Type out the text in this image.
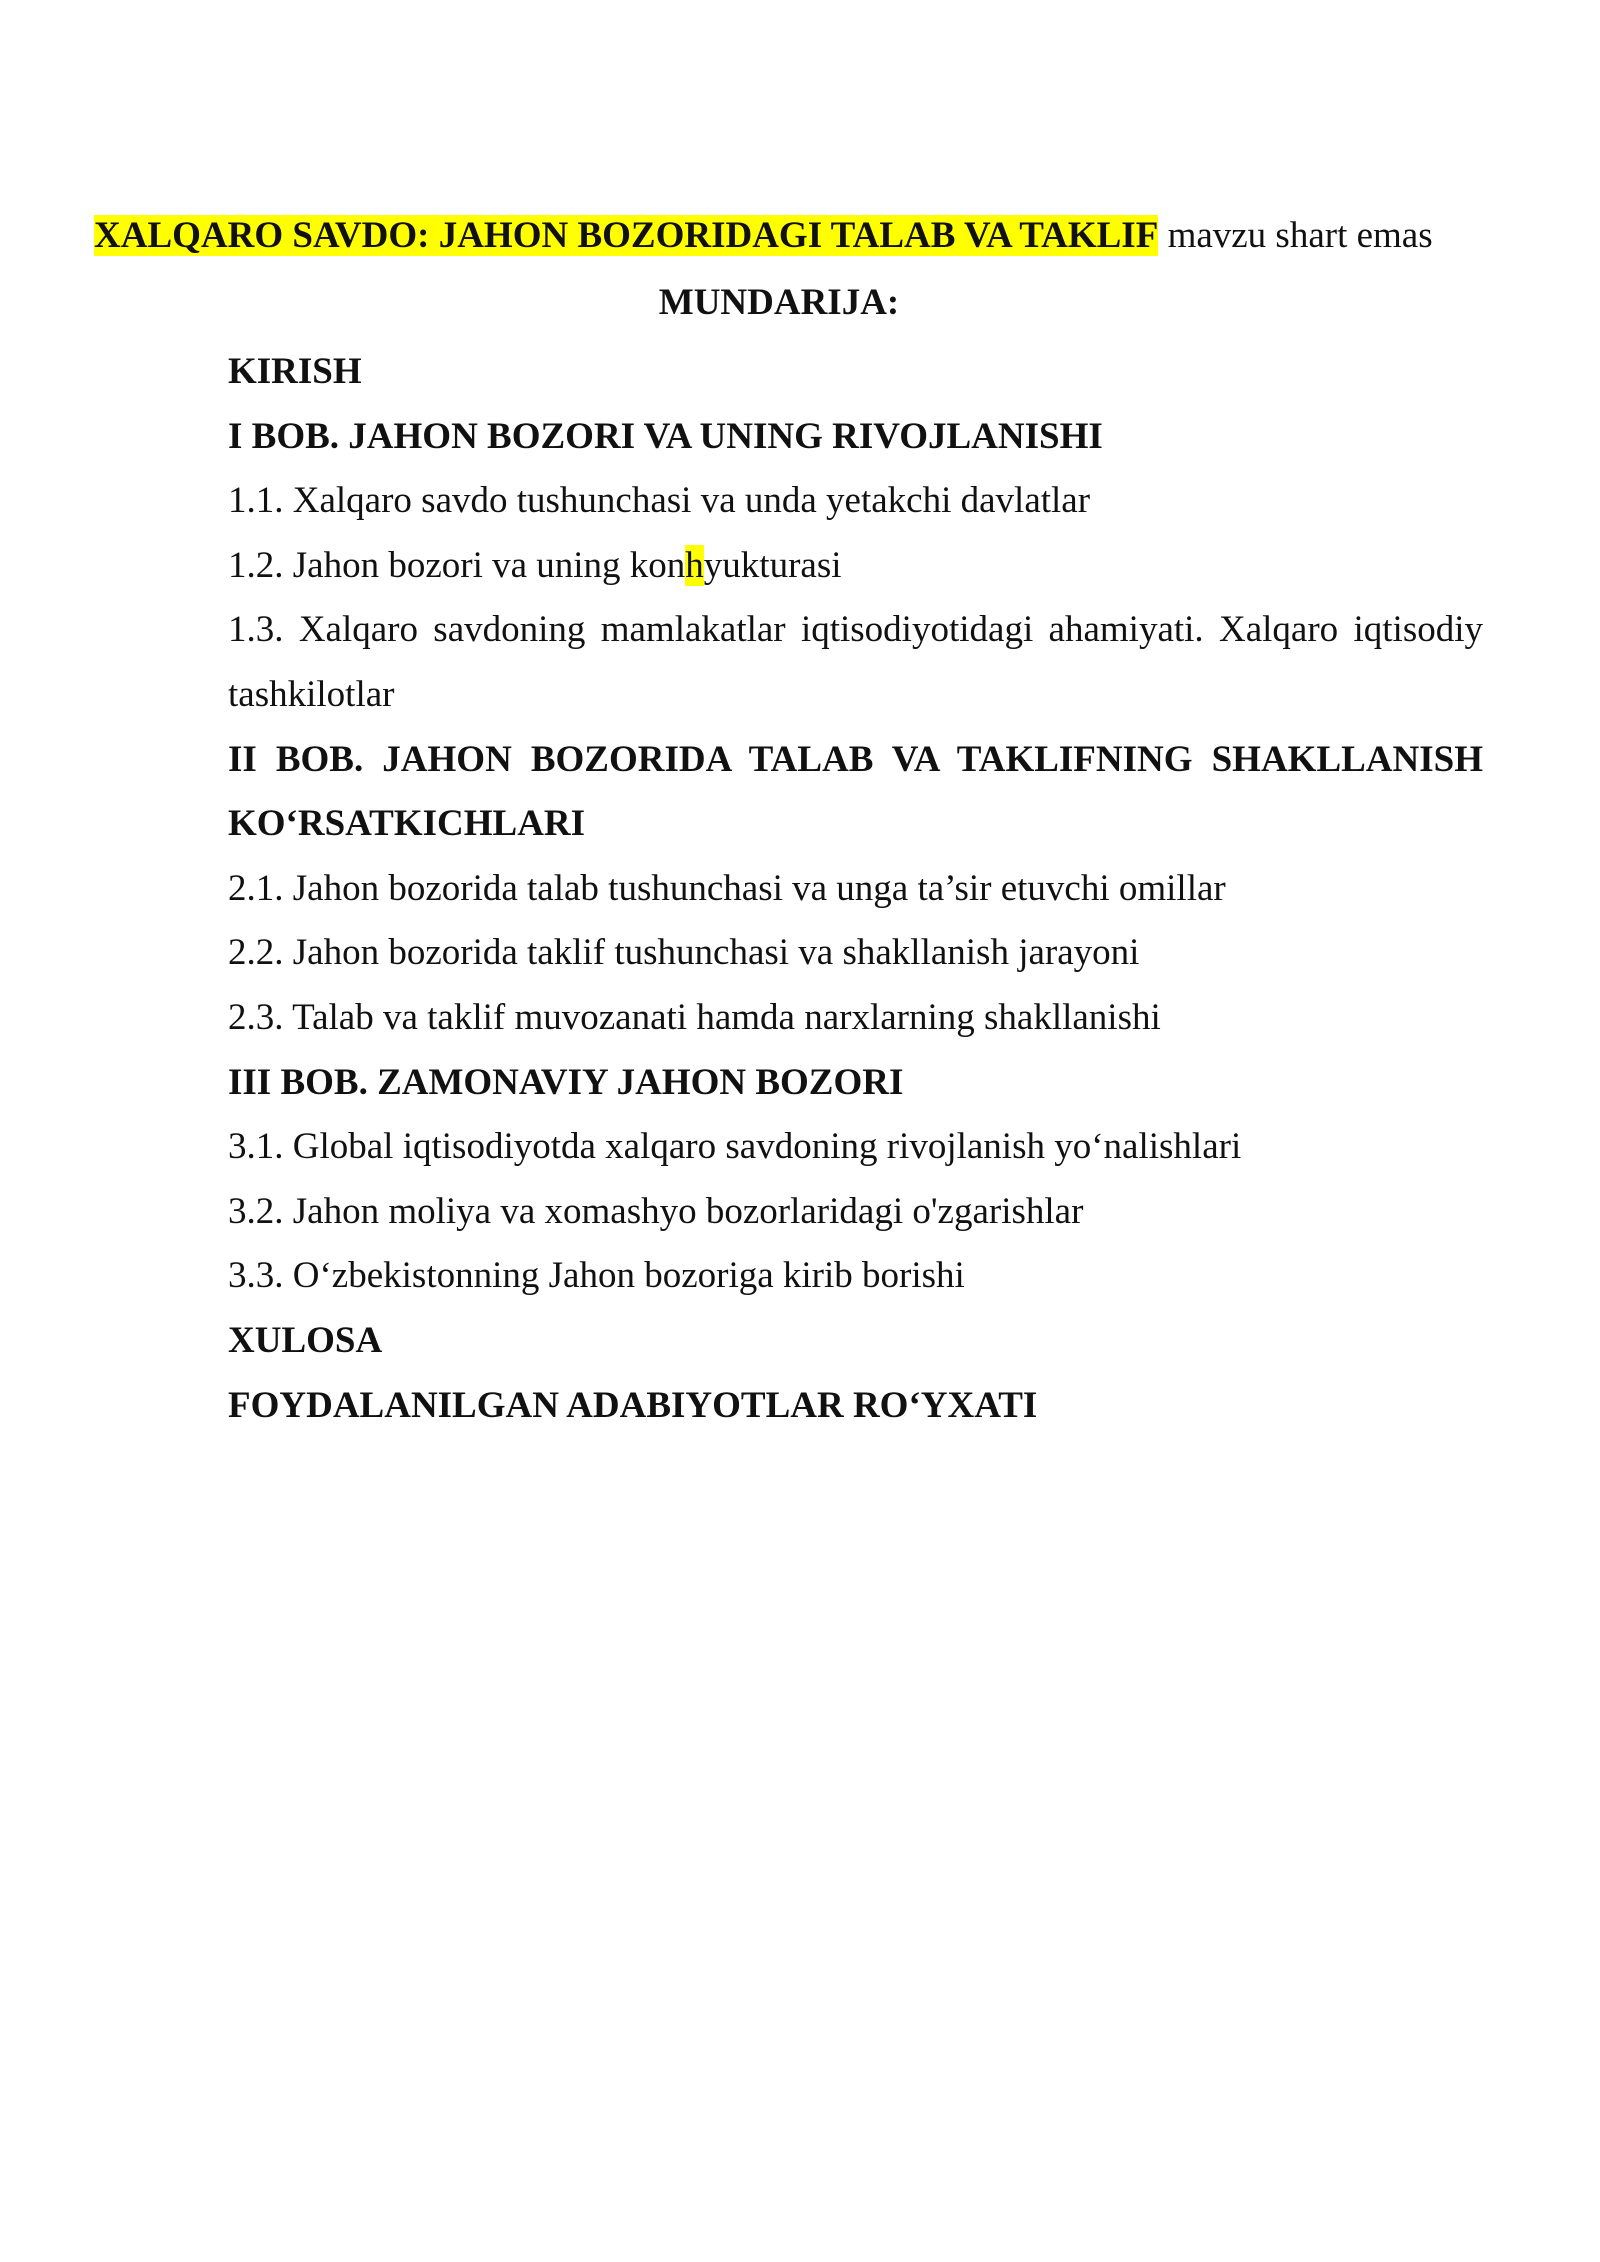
XALQARO SAVDO: JAHON BOZORIDAGI TALAB VA TAKLIF mavzu shart emas
MUNDARIJA:

KIRISH

I BOB. JAHON BOZORI VA UNING RIVOJLANISHI

1.1. Xalqaro savdo tushunchasi va unda yetakchi davlatlar

1.2. Jahon bozori va uning konhyukturasi

1.3. Xalqaro savdoning mamlakatlar iqtisodiyotidagi ahamiyati. Xalqaro iqtisodiy

tashkilotlar

II BOB. JAHON BOZORIDA TALAB VA TAKLIFNING SHAKLLANISH

KO‘RSATKICHLARI

2.1. Jahon bozorida talab tushunchasi va unga ta’sir etuvchi omillar

2.2. Jahon bozorida taklif tushunchasi va shakllanish jarayoni

2.3. Talab va taklif muvozanati hamda narxlarning shakllanishi

III BOB. ZAMONAVIY JAHON BOZORI

3.1. Global iqtisodiyotda xalqaro savdoning rivojlanish yo‘nalishlari

3.2. Jahon moliya va xomashyo bozorlaridagi o'zgarishlar

3.3. O‘zbekistonning Jahon bozoriga kirib borishi

XULOSA

FOYDALANILGAN ADABIYOTLAR RO‘YXATI
